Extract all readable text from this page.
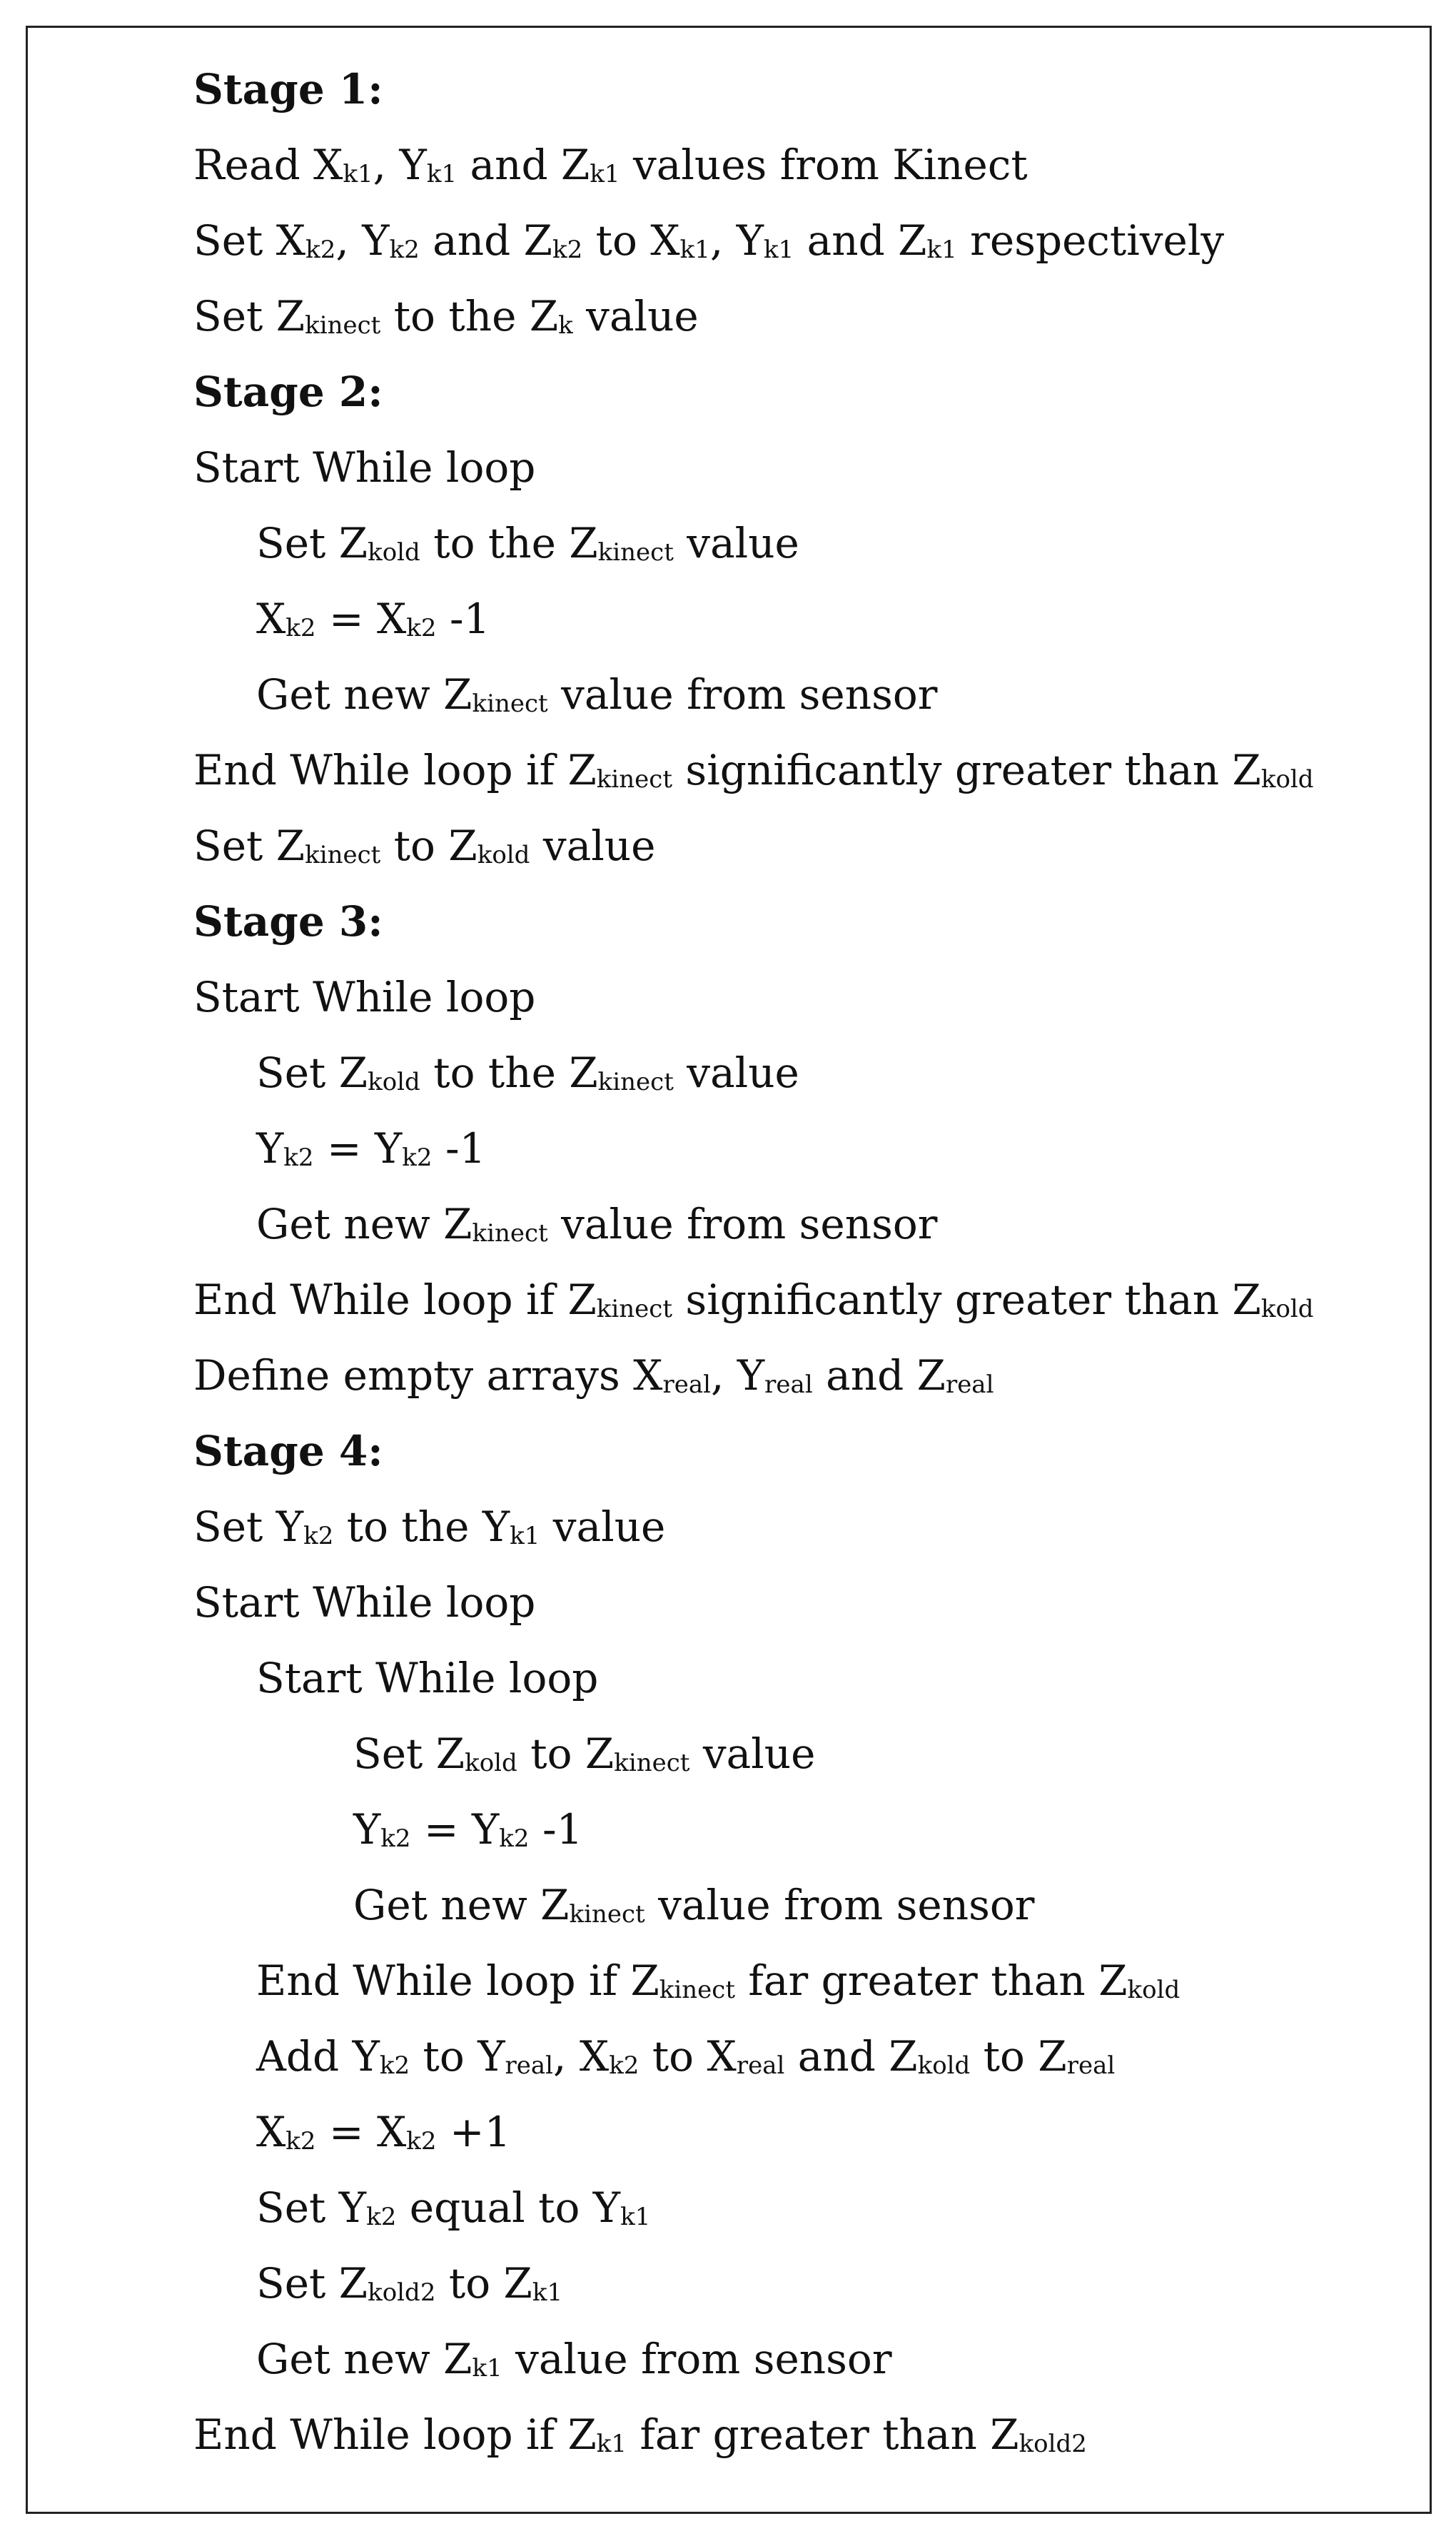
Stage 1:
Read $X_{k1}$, $Y_{k1}$ and $Z_{k1}$ values from Kinect
Set $X_{k2}$, $Y_{k2}$ and $Z_{k2}$ to $X_{k1}$, $Y_{k1}$ and $Z_{k1}$ respectively
Set $Z_{kinect}$ to the $Z_k$ value
Stage 2:
Start While loop
Set $Z_{kold}$ to the $Z_{kinect}$ value
$X_{k2} = X_{k2}$ -1
Get new $Z_{kinect}$ value from sensor
End While loop if $Z_{kinect}$ significantly greater than $Z_{kold}$
Set $Z_{kinect}$ to $Z_{kold}$ value
Stage 3:
Start While loop
Set $Z_{kold}$ to the $Z_{kinect}$ value
$Y_{k2} = Y_{k2}$ -1
Get new $Z_{kinect}$ value from sensor
End While loop if $Z_{kinect}$ significantly greater than $Z_{kold}$
Define empty arrays $X_{real}$, $Y_{real}$ and $Z_{real}$
Stage 4:
Set $Y_{k2}$ to the $Y_{k1}$ value
Start While loop
Start While loop
Set $Z_{kold}$ to $Z_{kinect}$ value
$Y_{k2} = Y_{k2}$ -1
Get new $Z_{kinect}$ value from sensor
End While loop if $Z_{kinect}$ far greater than $Z_{kold}$
Add $Y_{k2}$ to $Y_{real}$, $X_{k2}$ to $X_{real}$ and $Z_{kold}$ to $Z_{real}$
$X_{k2} = X_{k2} +1$
Set $Y_{k2}$ equal to $Y_{k1}$
Set $Z_{kold2}$ to $Z_{k1}$
Get new $Z_{k1}$ value from sensor
End While loop if $Z_{k1}$ far greater than $Z_{kold2}$
